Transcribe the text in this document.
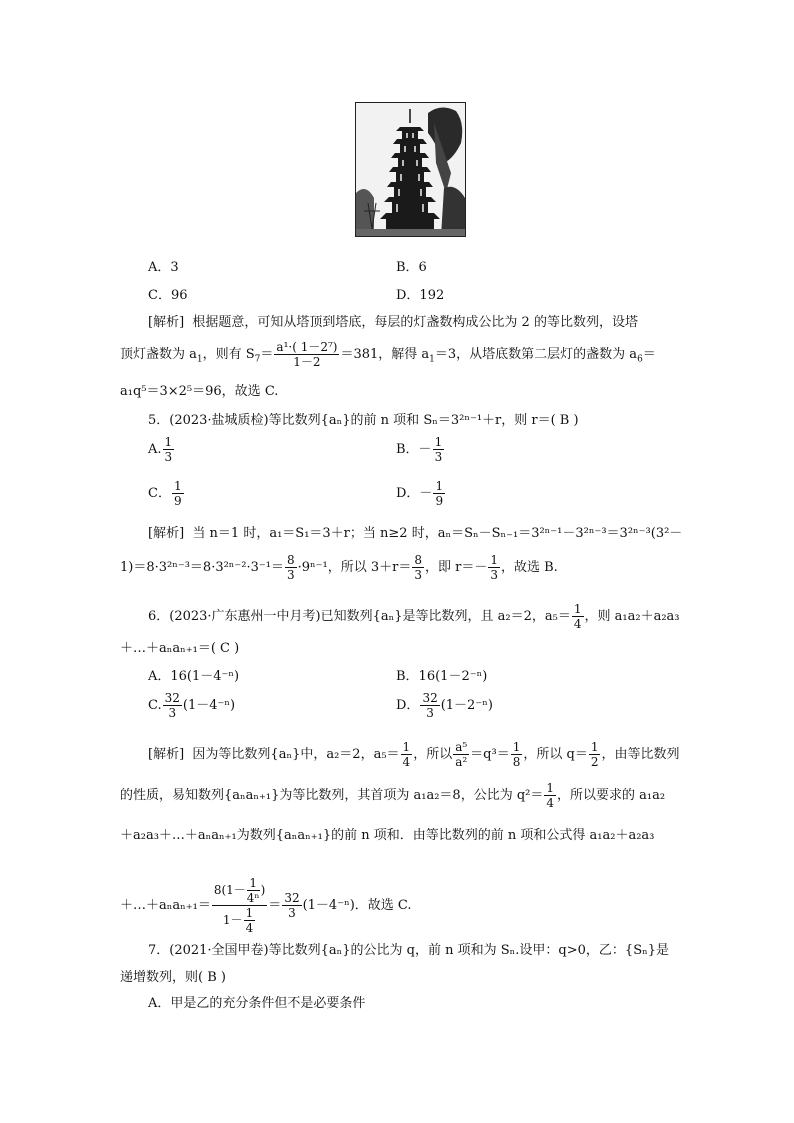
A．3	B．6
C．96	D．192
[解析] 根据题意，可知从塔顶到塔底，每层的灯盏数构成公比为 2 的等比数列，设塔
顶灯盏数为 $a_1$，则有 $S_7= \frac{\text{a¹·( 1－2⁷)}}{1-2} =381$，解得 $a_1=3$，从塔底数第二层灯的盏数为 $a_6=$
a₁q⁵＝3×2⁵＝96，故选 C.
5．(2023·盐城质检)等比数列{aₙ}的前 n 项和 Sₙ＝3²ⁿ⁻¹＋r，则 r＝( B )
A. $\frac{1}{3}$	B．－ $\frac{1}{3}$
C． $\frac{1}{9}$	D．－ $\frac{1}{9}$
[解析] 当 n＝1 时，a₁＝S₁＝3＋r；当 n≥2 时，aₙ＝Sₙ－Sₙ₋₁＝3²ⁿ⁻¹－3²ⁿ⁻³＝3²ⁿ⁻³(3²－
$1)=8\cdot 3^{2n-3}=8\cdot 3^{2n-2}\cdot 3^{-1}= \frac{8}{3} \cdot 9^{n-1}$，所以 $3+r= \frac{8}{3}$ ，即 $r=- \frac{1}{3}$ ，故选 B.
6．(2023·广东惠州一中月考)已知数列{aₙ}是等比数列，且 a₂＝2，$a_5= \frac{1}{4}$ ，则 a₁a₂＋a₂a₃
＋…＋aₙaₙ₊₁＝( C )
A．16(1－4⁻ⁿ)	B．16(1－2⁻ⁿ)
C. $\frac{32}{3} (1-4^{-n})$	D． $\frac{32}{3} (1-2^{-n})$
[解析] 因为等比数列{aₙ}中，a₂＝2，$a_5= \frac{1}{4}$ ，所以 $\frac{\text{a⁵}}{\text{a²}} =q^3= \frac{1}{8}$ ，所以 $q= \frac{1}{2}$ ，由等比数列
的性质，易知数列{aₙaₙ₊₁}为等比数列，其首项为 a₁a₂＝8，公比为 $q^2= \frac{1}{4}$ ，所以要求的 a₁a₂
＋a₂a₃＋…＋aₙaₙ₊₁为数列{aₙaₙ₊₁}的前 n 项和．由等比数列的前 n 项和公式得 a₁a₂＋a₂a₃
＋…＋aₙaₙ₊₁＝ $\frac{8(1- \frac{1}{\text{4ⁿ}} )}{1- \frac{1}{4}} = \frac{32}{3} (1-4^{-n})$．故选 C.
7．(2021·全国甲卷)等比数列{aₙ}的公比为 q，前 n 项和为 Sₙ.设甲：q>0，乙：{Sₙ}是
递增数列，则( B )
A．甲是乙的充分条件但不是必要条件
